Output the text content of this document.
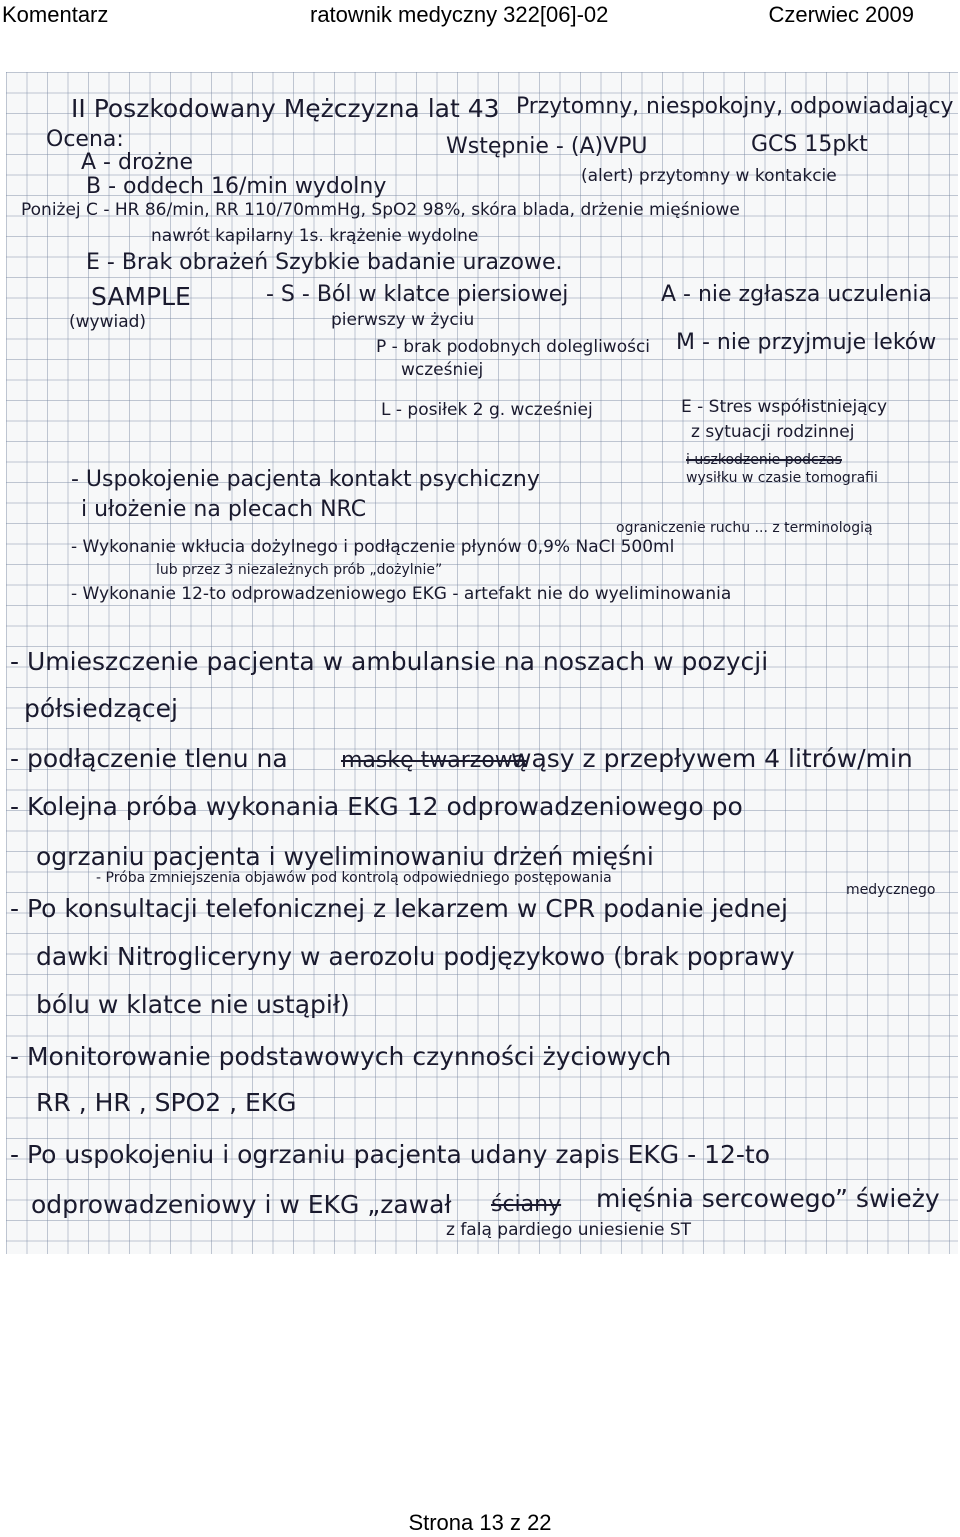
Komentarz	ratownik medyczny 322[06]-02	Czerwiec 2009
II Poszkodowany Mężczyzna lat 43 Przytomny, niespokojny, odpowiadający
Ocena:	Wstępnie - (A)VPU	GCS 15pkt
A - drożne
(alert) przytomny w kontakcie
B - oddech 16/min wydolny
Poniżej C - HR 86/min, RR 110/70mmHg, SpO2 98%, skóra blada, drżenie mięśniowe
nawrót kapilarny 1s. krążenie wydolne
E - Brak obrażeń Szybkie badanie urazowe.
SAMPLE
(wywiad)
- S - Ból w klatce piersiowej
pierwszy w życiu
A - nie zgłasza uczulenia
P - brak podobnych dolegliwości
wcześniej
M - nie przyjmuje leków
L - posiłek 2 g. wcześniej	E - Stres współistniejący
z sytuacji rodzinnej
i uszkodzenie podczas
wysiłku w czasie tomografii
- Uspokojenie pacjenta kontakt psychiczny
i ułożenie na plecach NRC
ograniczenie ruchu ... z terminologią
- Wykonanie wkłucia dożylnego i podłączenie płynów 0,9% NaCl 500ml
lub przez 3 niezależnych prób „dożylnie”
- Wykonanie 12-to odprowadzeniowego EKG - artefakt nie do wyeliminowania
- Umieszczenie pacjenta w ambulansie na noszach w pozycji
półsiedzącej
- podłączenie tlenu na maskę twarzową
wąsy z przepływem 4 litrów/min
- Kolejna próba wykonania EKG 12 odprowadzeniowego po
ogrzaniu pacjenta i wyeliminowaniu drżeń mięśni
- Próba zmniejszenia objawów pod kontrolą odpowiedniego postępowania
medycznego
- Po konsultacji telefonicznej z lekarzem w CPR podanie jednej
dawki Nitrogliceryny w aerozolu podjęzykowo (brak poprawy
bólu w klatce nie ustąpił)
- Monitorowanie podstawowych czynności życiowych
RR , HR , SPO2 , EKG
- Po uspokojeniu i ogrzaniu pacjenta udany zapis EKG - 12-to
odprowadzeniowy i w EKG „zawał ściany mięśnia sercowego” świeży
z falą pardiego uniesienie ST
Strona 13 z 22
